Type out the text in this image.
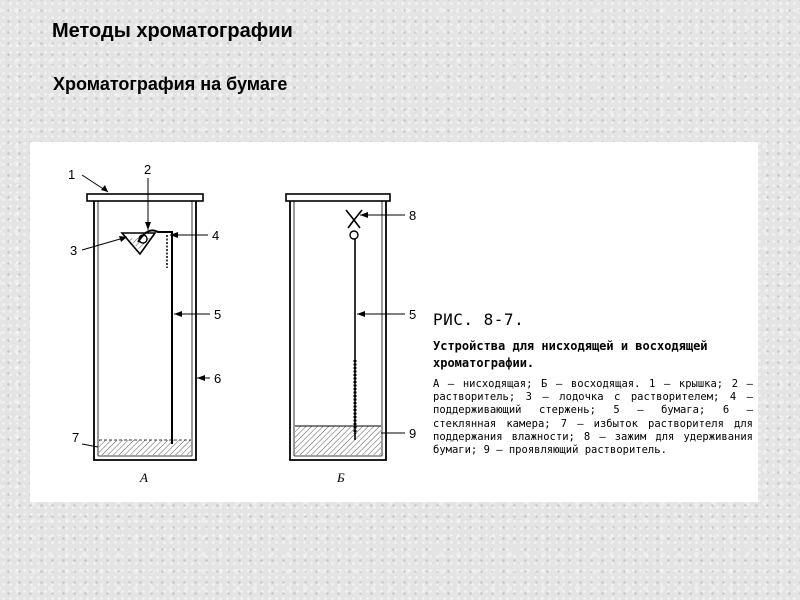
Методы хроматографии
Хроматография на бумаге
1	2
3
4
5
6
7
А
8
5
9
Б

РИС. 8-7.

Устройства для нисходящей и восходящей хроматографии.

А — нисходящая; Б — восходящая. 1 — крышка; 2 — растворитель; 3 — лодочка с растворителем; 4 — поддерживающий стержень; 5 — бумага; 6 — стеклянная камера; 7 — избыток растворителя для поддержания влажности; 8 — зажим для удерживания бумаги; 9 — проявляющий растворитель.
